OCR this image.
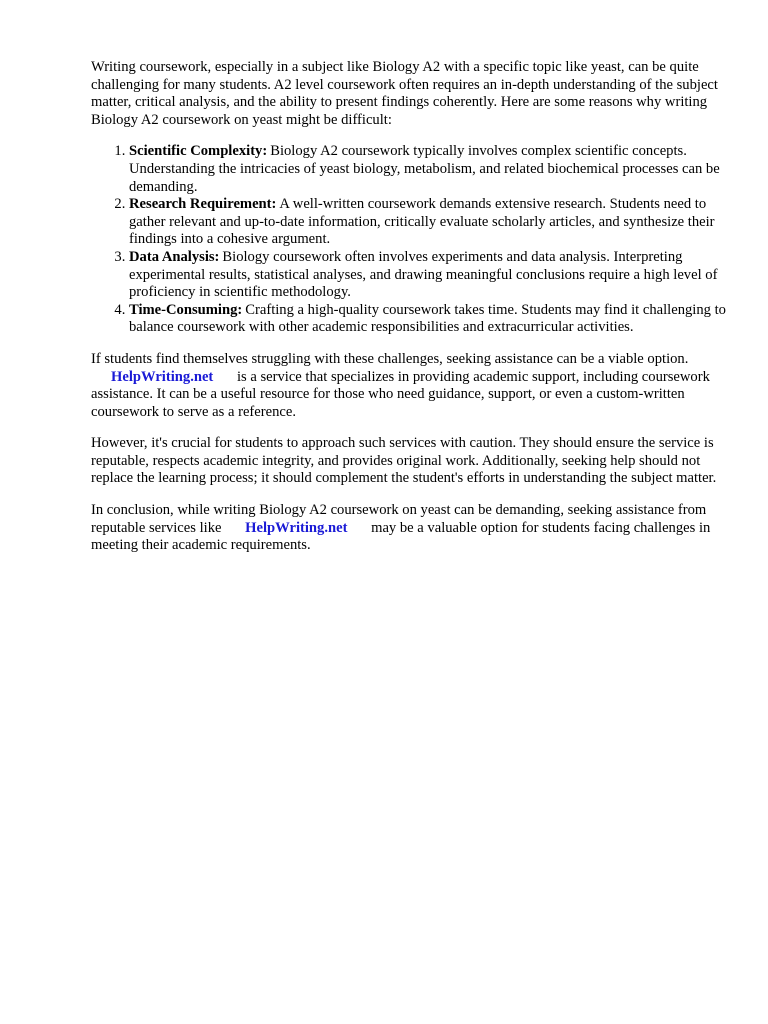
Writing coursework, especially in a subject like Biology A2 with a specific topic like yeast, can be quite challenging for many students. A2 level coursework often requires an in-depth understanding of the subject matter, critical analysis, and the ability to present findings coherently. Here are some reasons why writing Biology A2 coursework on yeast might be difficult:

1. Scientific Complexity: Biology A2 coursework typically involves complex scientific concepts. Understanding the intricacies of yeast biology, metabolism, and related biochemical processes can be demanding.
2. Research Requirement: A well-written coursework demands extensive research. Students need to gather relevant and up-to-date information, critically evaluate scholarly articles, and synthesize their findings into a cohesive argument.
3. Data Analysis: Biology coursework often involves experiments and data analysis. Interpreting experimental results, statistical analyses, and drawing meaningful conclusions require a high level of proficiency in scientific methodology.
4. Time-Consuming: Crafting a high-quality coursework takes time. Students may find it challenging to balance coursework with other academic responsibilities and extracurricular activities.

If students find themselves struggling with these challenges, seeking assistance can be a viable option. HelpWriting.net is a service that specializes in providing academic support, including coursework assistance. It can be a useful resource for those who need guidance, support, or even a custom-written coursework to serve as a reference.

However, it's crucial for students to approach such services with caution. They should ensure the service is reputable, respects academic integrity, and provides original work. Additionally, seeking help should not replace the learning process; it should complement the student's efforts in understanding the subject matter.

In conclusion, while writing Biology A2 coursework on yeast can be demanding, seeking assistance from reputable services like HelpWriting.net may be a valuable option for students facing challenges in meeting their academic requirements.
